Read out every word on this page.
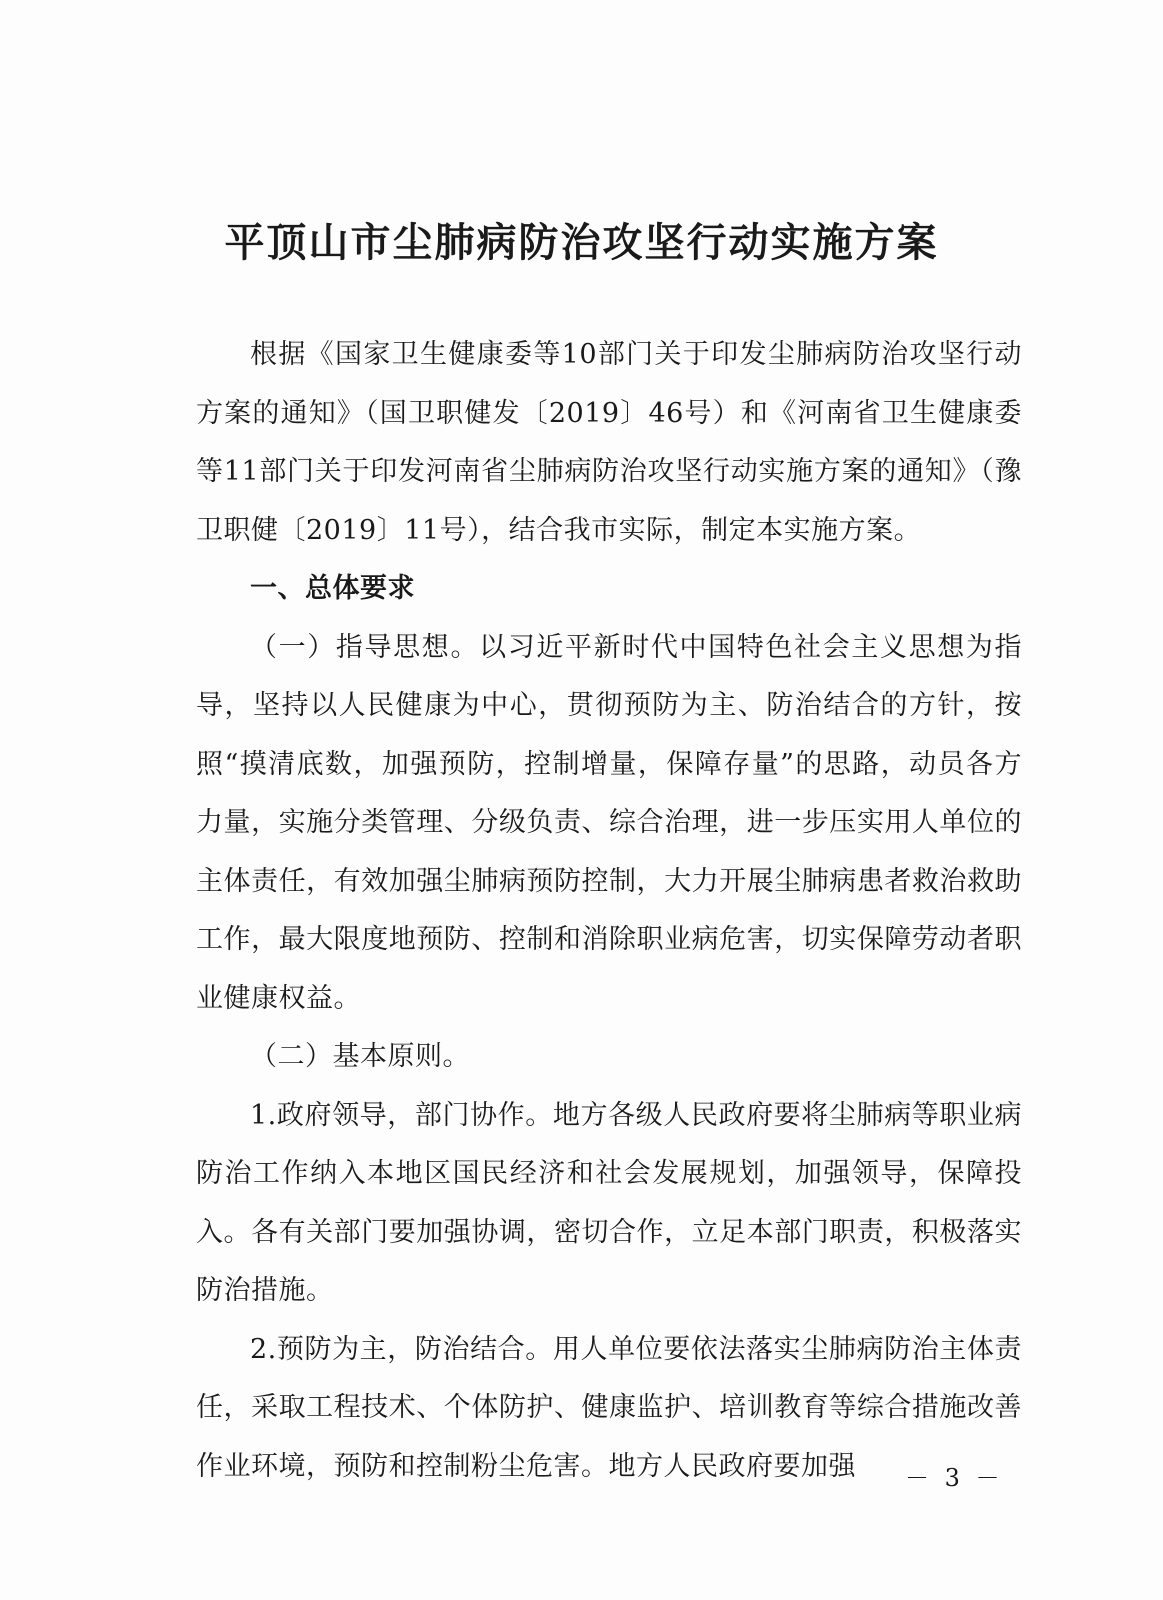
平顶山市尘肺病防治攻坚行动实施方案

根据《国家卫生健康委等10部门关于印发尘肺病防治攻坚行动方案的通知》（国卫职健发〔2019〕46号）和《河南省卫生健康委等11部门关于印发河南省尘肺病防治攻坚行动实施方案的通知》（豫卫职健〔2019〕11号），结合我市实际，制定本实施方案。

一、总体要求

（一）指导思想。以习近平新时代中国特色社会主义思想为指导，坚持以人民健康为中心，贯彻预防为主、防治结合的方针，按照“摸清底数，加强预防，控制增量，保障存量”的思路，动员各方力量，实施分类管理、分级负责、综合治理，进一步压实用人单位的主体责任，有效加强尘肺病预防控制，大力开展尘肺病患者救治救助工作，最大限度地预防、控制和消除职业病危害，切实保障劳动者职业健康权益。

（二）基本原则。

1.政府领导，部门协作。地方各级人民政府要将尘肺病等职业病防治工作纳入本地区国民经济和社会发展规划，加强领导，保障投入。各有关部门要加强协调，密切合作，立足本部门职责，积极落实防治措施。

2.预防为主，防治结合。用人单位要依法落实尘肺病防治主体责任，采取工程技术、个体防护、健康监护、培训教育等综合措施改善作业环境，预防和控制粉尘危害。地方人民政府要加强	－ 3 －
